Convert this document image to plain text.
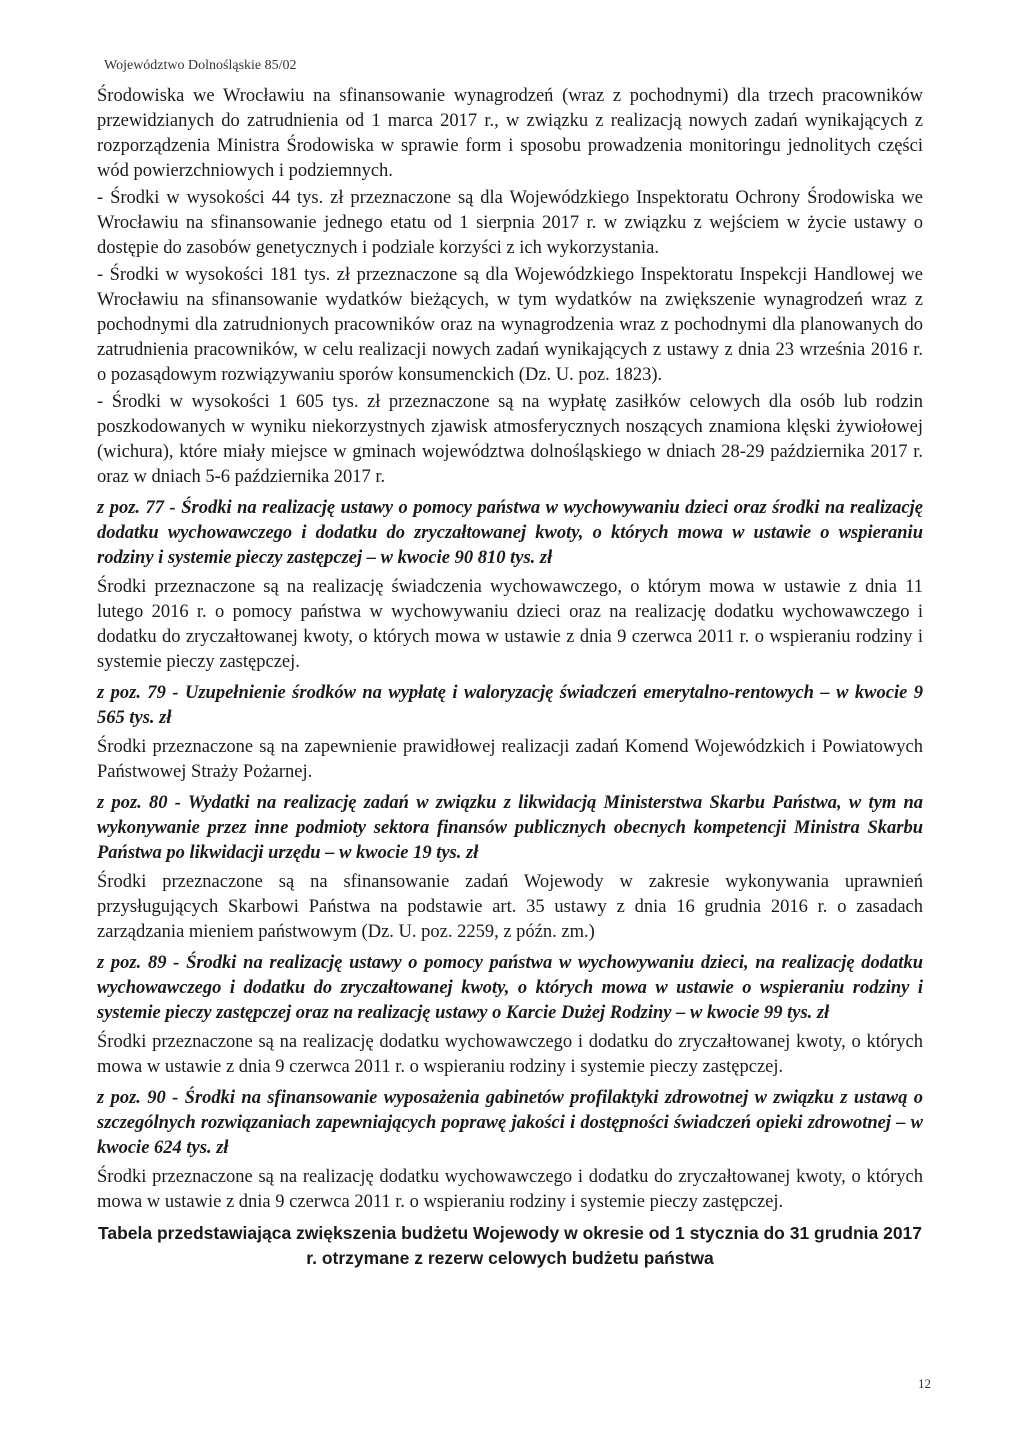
Województwo Dolnośląskie 85/02

Środowiska we Wrocławiu na sfinansowanie wynagrodzeń (wraz z pochodnymi) dla trzech pracowników przewidzianych do zatrudnienia od 1 marca 2017 r., w związku z realizacją nowych zadań wynikających z rozporządzenia Ministra Środowiska w sprawie form i sposobu prowadzenia monitoringu jednolitych części wód powierzchniowych i podziemnych.

- Środki w wysokości 44 tys. zł przeznaczone są dla Wojewódzkiego Inspektoratu Ochrony Środowiska we Wrocławiu na sfinansowanie jednego etatu od 1 sierpnia 2017 r. w związku z wejściem w życie ustawy o dostępie do zasobów genetycznych i podziale korzyści z ich wykorzystania.

- Środki w wysokości 181 tys. zł przeznaczone są dla Wojewódzkiego Inspektoratu Inspekcji Handlowej we Wrocławiu na sfinansowanie wydatków bieżących, w tym wydatków na zwiększenie wynagrodzeń wraz z pochodnymi dla zatrudnionych pracowników oraz na wynagrodzenia wraz z pochodnymi dla planowanych do zatrudnienia pracowników, w celu realizacji nowych zadań wynikających z ustawy z dnia 23 września 2016 r. o pozasądowym rozwiązywaniu sporów konsumenckich (Dz. U. poz. 1823).

- Środki w wysokości 1 605 tys. zł przeznaczone są na wypłatę zasiłków celowych dla osób lub rodzin poszkodowanych w wyniku niekorzystnych zjawisk atmosferycznych noszących znamiona klęski żywiołowej (wichura), które miały miejsce w gminach województwa dolnośląskiego w dniach 28-29 października 2017 r. oraz w dniach 5-6 października 2017 r.

z poz. 77 - Środki na realizację ustawy o pomocy państwa w wychowywaniu dzieci oraz środki na realizację dodatku wychowawczego i dodatku do zryczałtowanej kwoty, o których mowa w ustawie o wspieraniu rodziny i systemie pieczy zastępczej – w kwocie 90 810 tys. zł

Środki przeznaczone są na realizację świadczenia wychowawczego, o którym mowa w ustawie z dnia 11 lutego 2016 r. o pomocy państwa w wychowywaniu dzieci oraz na realizację dodatku wychowawczego i dodatku do zryczałtowanej kwoty, o których mowa w ustawie z dnia 9 czerwca 2011 r. o wspieraniu rodziny i systemie pieczy zastępczej.

z poz. 79 - Uzupełnienie środków na wypłatę i waloryzację świadczeń emerytalno-rentowych – w kwocie 9 565 tys. zł

Środki przeznaczone są na zapewnienie prawidłowej realizacji zadań Komend Wojewódzkich i Powiatowych Państwowej Straży Pożarnej.

z poz. 80 - Wydatki na realizację zadań w związku z likwidacją Ministerstwa Skarbu Państwa, w tym na wykonywanie przez inne podmioty sektora finansów publicznych obecnych kompetencji Ministra Skarbu Państwa po likwidacji urzędu – w kwocie 19 tys. zł

Środki przeznaczone są na sfinansowanie zadań Wojewody w zakresie wykonywania uprawnień przysługujących Skarbowi Państwa na podstawie art. 35 ustawy z dnia 16 grudnia 2016 r. o zasadach zarządzania mieniem państwowym (Dz. U. poz. 2259, z późn. zm.)

z poz. 89 - Środki na realizację ustawy o pomocy państwa w wychowywaniu dzieci, na realizację dodatku wychowawczego i dodatku do zryczałtowanej kwoty, o których mowa w ustawie o wspieraniu rodziny i systemie pieczy zastępczej oraz na realizację ustawy o Karcie Dużej Rodziny – w kwocie 99 tys. zł

Środki przeznaczone są na realizację dodatku wychowawczego i dodatku do zryczałtowanej kwoty, o których mowa w ustawie z dnia 9 czerwca 2011 r. o wspieraniu rodziny i systemie pieczy zastępczej.

z poz. 90 - Środki na sfinansowanie wyposażenia gabinetów profilaktyki zdrowotnej w związku z ustawą o szczególnych rozwiązaniach zapewniających poprawę jakości i dostępności świadczeń opieki zdrowotnej – w kwocie 624 tys. zł

Środki przeznaczone są na realizację dodatku wychowawczego i dodatku do zryczałtowanej kwoty, o których mowa w ustawie z dnia 9 czerwca 2011 r. o wspieraniu rodziny i systemie pieczy zastępczej.

Tabela przedstawiająca zwiększenia budżetu Wojewody w okresie od 1 stycznia do 31 grudnia 2017 r. otrzymane z rezerw celowych budżetu państwa
12
